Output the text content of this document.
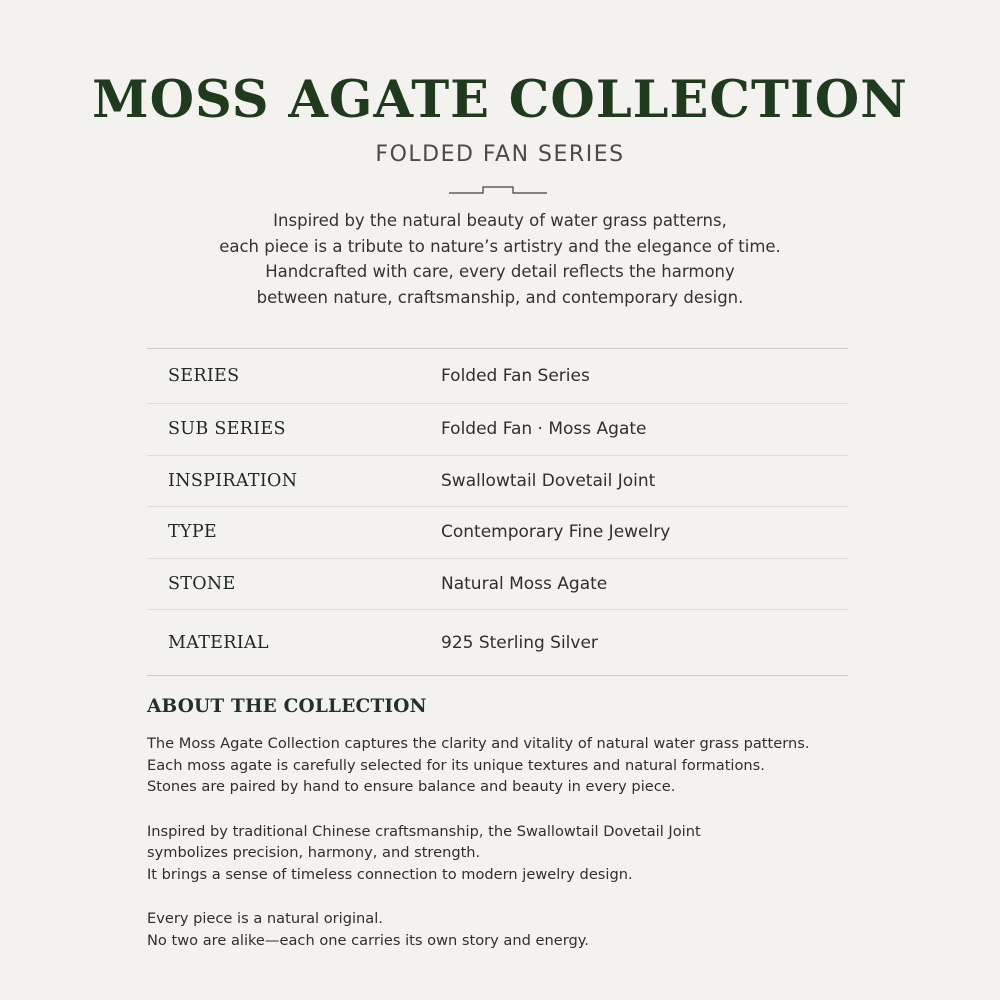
MOSS AGATE COLLECTION
FOLDED FAN SERIES
Inspired by the natural beauty of water grass patterns,
each piece is a tribute to nature’s artistry and the elegance of time.
Handcrafted with care, every detail reflects the harmony
between nature, craftsmanship, and contemporary design.
SERIES	Folded Fan Series
SUB SERIES	Folded Fan · Moss Agate
INSPIRATION	Swallowtail Dovetail Joint
TYPE	Contemporary Fine Jewelry
STONE	Natural Moss Agate
MATERIAL	925 Sterling Silver
ABOUT THE COLLECTION
The Moss Agate Collection captures the clarity and vitality of natural water grass patterns.
Each moss agate is carefully selected for its unique textures and natural formations.
Stones are paired by hand to ensure balance and beauty in every piece.
Inspired by traditional Chinese craftsmanship, the Swallowtail Dovetail Joint
symbolizes precision, harmony, and strength.
It brings a sense of timeless connection to modern jewelry design.
Every piece is a natural original.
No two are alike—each one carries its own story and energy.
